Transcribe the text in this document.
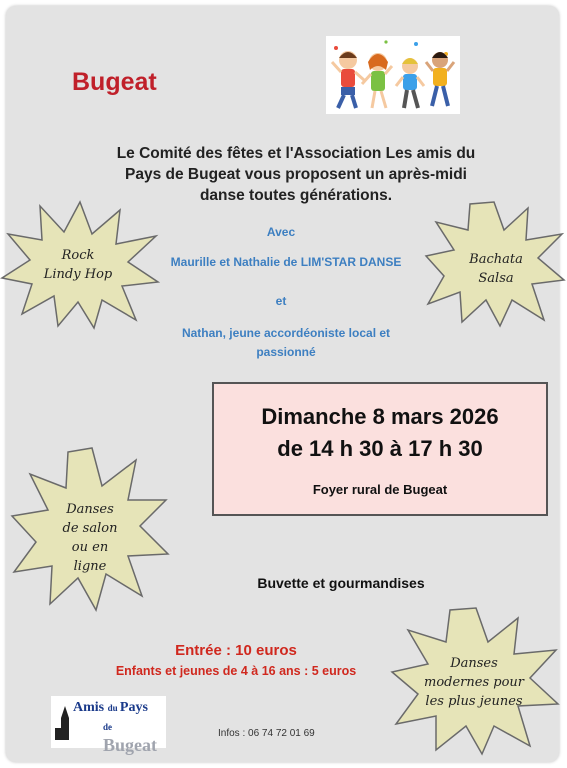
Bugeat
Le Comité des fêtes et l'Association Les amis du
Pays de Bugeat vous proposent un après-midi
danse toutes générations.
Avec
Maurille et Nathalie de LIM'STAR DANSE
et
Nathan, jeune accordéoniste local et
passionné
Rock
Lindy Hop
Bachata
Salsa
Dimanche 8 mars 2026
de 14 h 30 à 17 h 30
Foyer rural de Bugeat
Danses
de salon
ou en
ligne
Buvette et gourmandises
Entrée : 10 euros
Enfants et jeunes de 4 à 16 ans : 5 euros	Danses
modernes pour
les plus jeunes
Amis du Pays
de Bugeat
Infos : 06 74 72 01 69
